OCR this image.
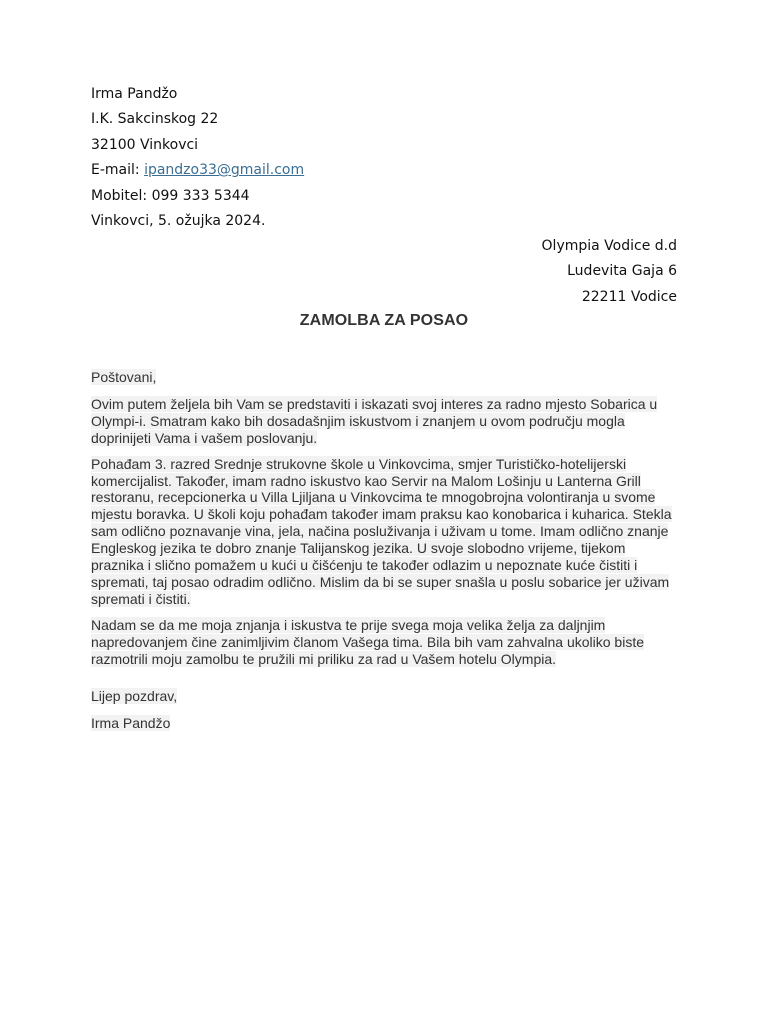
Irma Pandžo
I.K. Sakcinskog 22
32100 Vinkovci
E-mail: ipandzo33@gmail.com
Mobitel: 099 333 5344
Vinkovci, 5. ožujka 2024.
Olympia Vodice d.d
Ludevita Gaja 6
22211 Vodice
ZAMOLBA ZA POSAO

Poštovani,

Ovim putem željela bih Vam se predstaviti i iskazati svoj interes za radno mjesto Sobarica u Olympi-i. Smatram kako bih dosadašnjim iskustvom i znanjem u ovom području mogla doprinijeti Vama i vašem poslovanju.

Pohađam 3. razred Srednje strukovne škole u Vinkovcima, smjer Turističko-hotelijerski komercijalist. Također, imam radno iskustvo kao Servir na Malom Lošinju u Lanterna Grill restoranu, recepcionerka u Villa Ljiljana u Vinkovcima te mnogobrojna volontiranja u svome mjestu boravka. U školi koju pohađam također imam praksu kao konobarica i kuharica. Stekla sam odlično poznavanje vina, jela, načina posluživanja i uživam u tome. Imam odlično znanje Engleskog jezika te dobro znanje Talijanskog jezika. U svoje slobodno vrijeme, tijekom praznika i slično pomažem u kući u čišćenju te također odlazim u nepoznate kuće čistiti i spremati, taj posao odradim odlično. Mislim da bi se super snašla u poslu sobarice jer uživam spremati i čistiti.

Nadam se da me moja znjanja i iskustva te prije svega moja velika želja za daljnjim napredovanjem čine zanimljivim članom Vašega tima. Bila bih vam zahvalna ukoliko biste razmotrili moju zamolbu te pružili mi priliku za rad u Vašem hotelu Olympia.

Lijep pozdrav,
Irma Pandžo
